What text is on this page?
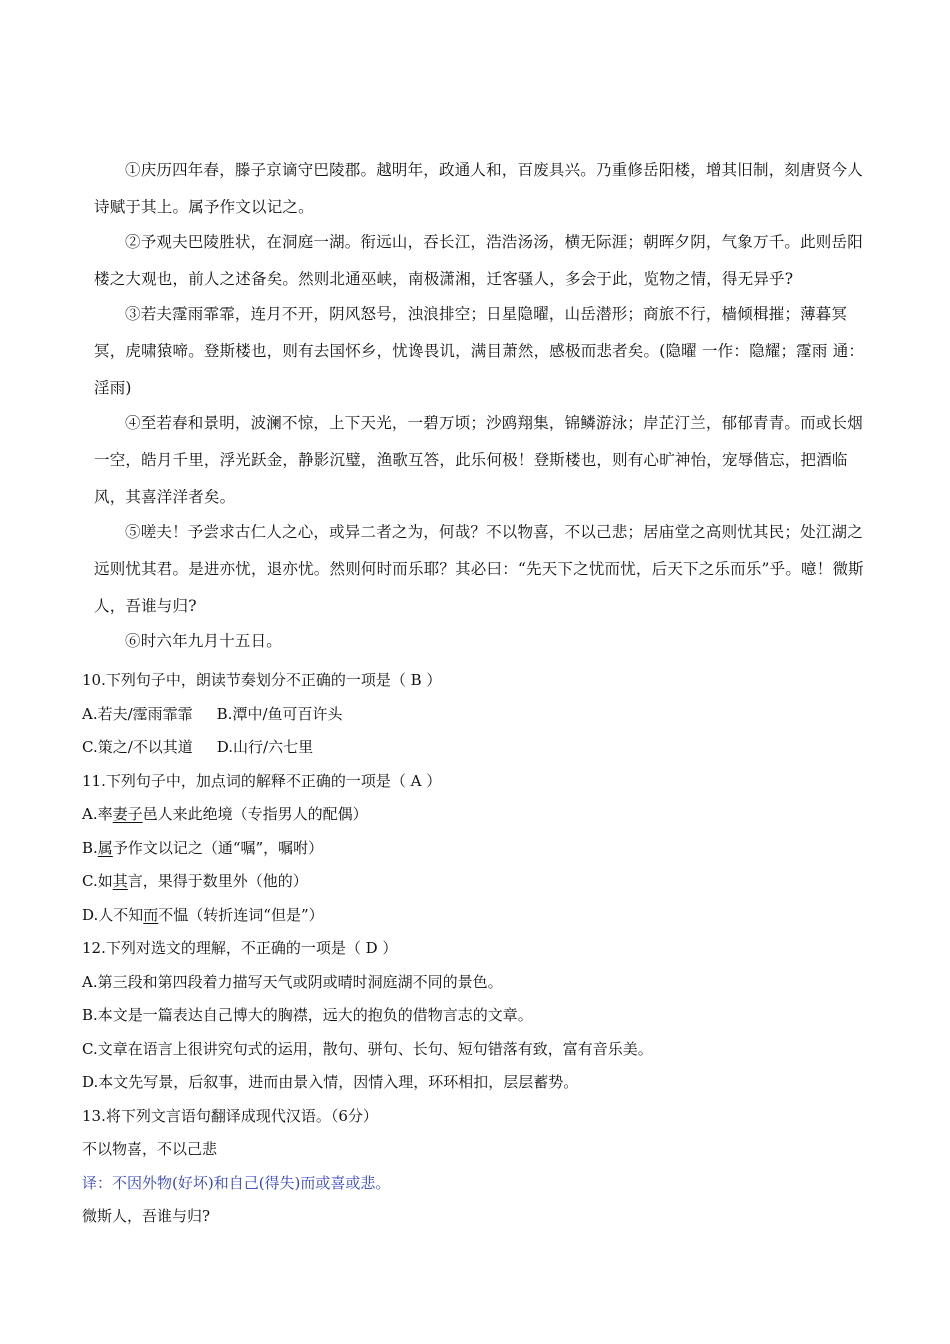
①庆历四年春，滕子京谪守巴陵郡。越明年，政通人和，百废具兴。乃重修岳阳楼，增其旧制，刻唐贤今人诗赋于其上。属予作文以记之。

②予观夫巴陵胜状，在洞庭一湖。衔远山，吞长江，浩浩汤汤，横无际涯；朝晖夕阴，气象万千。此则岳阳楼之大观也，前人之述备矣。然则北通巫峡，南极潇湘，迁客骚人，多会于此，览物之情，得无异乎?

③若夫霪雨霏霏，连月不开，阴风怒号，浊浪排空；日星隐曜，山岳潜形；商旅不行，樯倾楫摧；薄暮冥冥，虎啸猿啼。登斯楼也，则有去国怀乡，忧谗畏讥，满目萧然，感极而悲者矣。(隐曜 一作：隐耀；霪雨 通：淫雨)

④至若春和景明，波澜不惊，上下天光，一碧万顷；沙鸥翔集，锦鳞游泳；岸芷汀兰，郁郁青青。而或长烟一空，皓月千里，浮光跃金，静影沉璧，渔歌互答，此乐何极！登斯楼也，则有心旷神怡，宠辱偕忘，把酒临风，其喜洋洋者矣。

⑤嗟夫！予尝求古仁人之心，或异二者之为，何哉？不以物喜，不以己悲；居庙堂之高则忧其民；处江湖之远则忧其君。是进亦忧，退亦忧。然则何时而乐耶？其必曰：“先天下之忧而忧，后天下之乐而乐”乎。噫！微斯人，吾谁与归?

⑥时六年九月十五日。

10.下列句子中，朗读节奏划分不正确的一项是（ B ）

A.若夫/霪雨霏霏 B.潭中/鱼可百许头

C.策之/不以其道 D.山行/六七里

11.下列句子中，加点词的解释不正确的一项是（ A ）

A.率妻子邑人来此绝境（专指男人的配偶）

B.属予作文以记之（通“嘱”，嘱咐）

C.如其言，果得于数里外（他的）

D.人不知而不愠（转折连词“但是”）

12.下列对选文的理解，不正确的一项是（ D ）

A.第三段和第四段着力描写天气或阴或晴时洞庭湖不同的景色。

B.本文是一篇表达自己博大的胸襟，远大的抱负的借物言志的文章。

C.文章在语言上很讲究句式的运用，散句、骈句、长句、短句错落有致，富有音乐美。

D.本文先写景，后叙事，进而由景入情，因情入理，环环相扣，层层蓄势。

13.将下列文言语句翻译成现代汉语。（6分）

不以物喜，不以己悲

译：不因外物(好坏)和自己(得失)而或喜或悲。

微斯人，吾谁与归?
